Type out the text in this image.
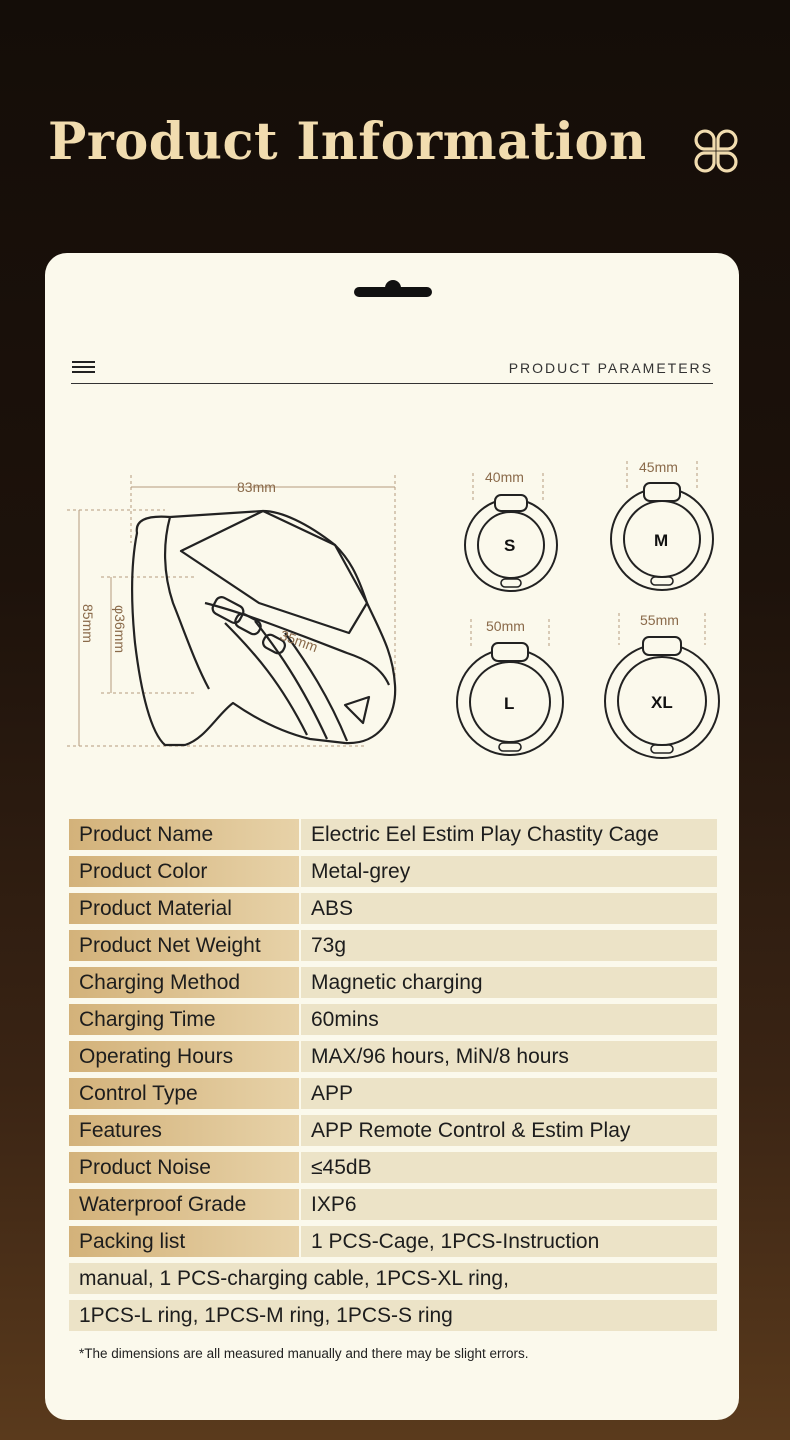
Product Information
PRODUCT PARAMETERS
83mm
85mm φ36mm	35mm
40mm
S
45mm
M
50mm
L
55mm
XL
Product Name	Electric Eel Estim Play Chastity Cage
Product Color	Metal-grey
Product Material	ABS
Product Net Weight	73g
Charging Method	Magnetic charging
Charging Time	60mins
Operating Hours	MAX/96 hours, MiN/8 hours
Control Type	APP
Features	APP Remote Control & Estim Play
Product Noise	≤45dB
Waterproof Grade	IXP6
Packing list	1 PCS-Cage, 1PCS-Instruction
manual, 1 PCS-charging cable, 1PCS-XL ring,
1PCS-L ring, 1PCS-M ring, 1PCS-S ring
*The dimensions are all measured manually and there may be slight errors.
